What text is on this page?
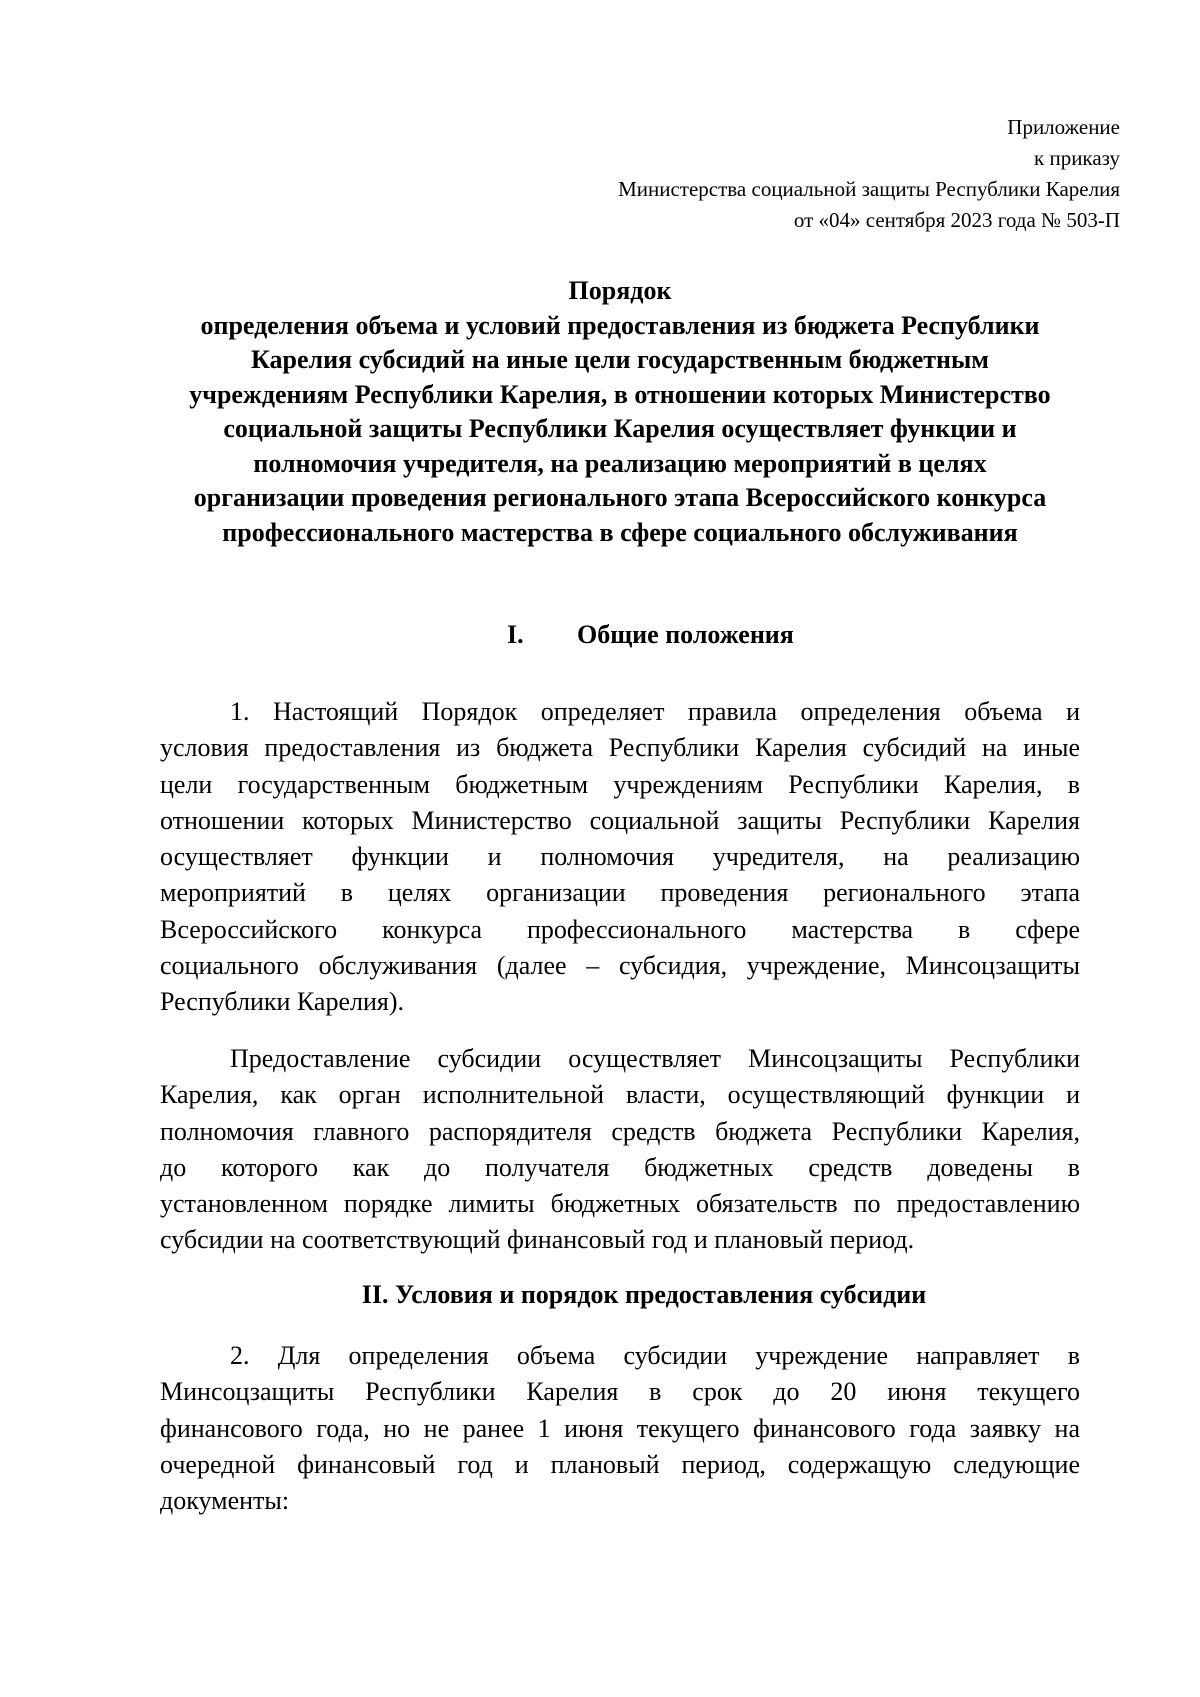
Приложение
к приказу
Министерства социальной защиты Республики Карелия
от «04» сентября 2023 года № 503-П
Порядок
определения объема и условий предоставления из бюджета Республики
Карелия субсидий на иные цели государственным бюджетным
учреждениям Республики Карелия, в отношении которых Министерство
социальной защиты Республики Карелия осуществляет функции и
полномочия учредителя, на реализацию мероприятий в целях
организации проведения регионального этапа Всероссийского конкурса
профессионального мастерства в сфере социального обслуживания
I. Общие положения
1. Настоящий Порядок определяет правила определения объема и
условия предоставления из бюджета Республики Карелия субсидий на иные
цели государственным бюджетным учреждениям Республики Карелия, в
отношении которых Министерство социальной защиты Республики Карелия
осуществляет функции и полномочия учредителя, на реализацию
мероприятий в целях организации проведения регионального этапа
Всероссийского конкурса профессионального мастерства в сфере
социального обслуживания (далее – субсидия, учреждение, Минсоцзащиты
Республики Карелия).
Предоставление субсидии осуществляет Минсоцзащиты Республики
Карелия, как орган исполнительной власти, осуществляющий функции и
полномочия главного распорядителя средств бюджета Республики Карелия,
до которого как до получателя бюджетных средств доведены в
установленном порядке лимиты бюджетных обязательств по предоставлению
субсидии на соответствующий финансовый год и плановый период.
II. Условия и порядок предоставления субсидии
2. Для определения объема субсидии учреждение направляет в
Минсоцзащиты Республики Карелия в срок до 20 июня текущего
финансового года, но не ранее 1 июня текущего финансового года заявку на
очередной финансовый год и плановый период, содержащую следующие
документы:
